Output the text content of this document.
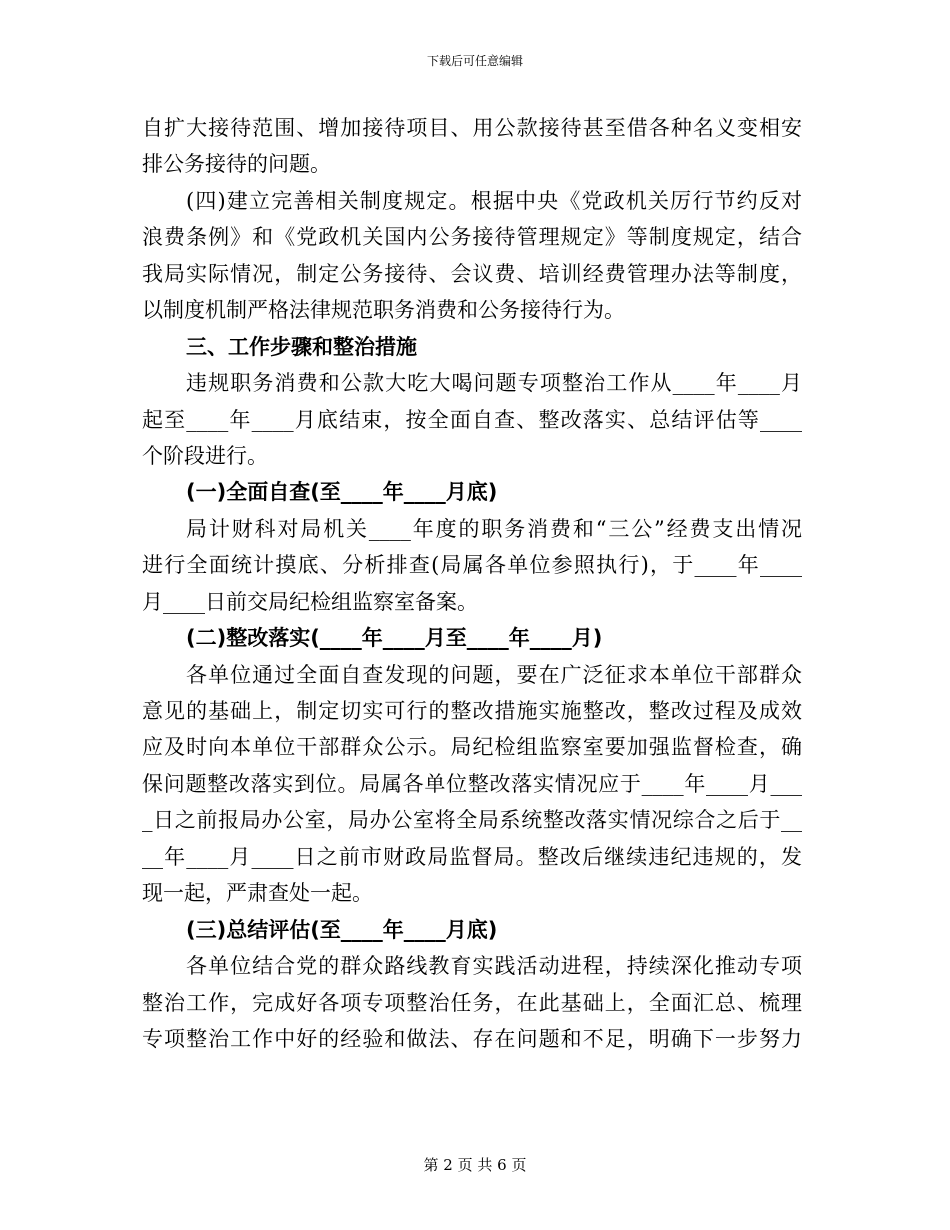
下载后可任意编辑
自扩大接待范围、增加接待项目、用公款接待甚至借各种名义变相安
排公务接待的问题。
(四)建立完善相关制度规定。根据中央《党政机关厉行节约反对
浪费条例》和《党政机关国内公务接待管理规定》等制度规定，结合
我局实际情况，制定公务接待、会议费、培训经费管理办法等制度，
以制度机制严格法律规范职务消费和公务接待行为。
三、工作步骤和整治措施
违规职务消费和公款大吃大喝问题专项整治工作从____年____月
起至____年____月底结束，按全面自查、整改落实、总结评估等____
个阶段进行。
(一)全面自查(至____年____月底)
局计财科对局机关____年度的职务消费和“三公”经费支出情况
进行全面统计摸底、分析排查(局属各单位参照执行)，于____年____
月____日前交局纪检组监察室备案。
(二)整改落实(____年____月至____年____月)
各单位通过全面自查发现的问题，要在广泛征求本单位干部群众
意见的基础上，制定切实可行的整改措施实施整改，整改过程及成效
应及时向本单位干部群众公示。局纪检组监察室要加强监督检查，确
保问题整改落实到位。局属各单位整改落实情况应于____年____月___
_日之前报局办公室，局办公室将全局系统整改落实情况综合之后于__
__年____月____日之前市财政局监督局。整改后继续违纪违规的，发
现一起，严肃查处一起。
(三)总结评估(至____年____月底)
各单位结合党的群众路线教育实践活动进程，持续深化推动专项
整治工作，完成好各项专项整治任务，在此基础上，全面汇总、梳理
专项整治工作中好的经验和做法、存在问题和不足，明确下一步努力
第 2 页 共 6 页
